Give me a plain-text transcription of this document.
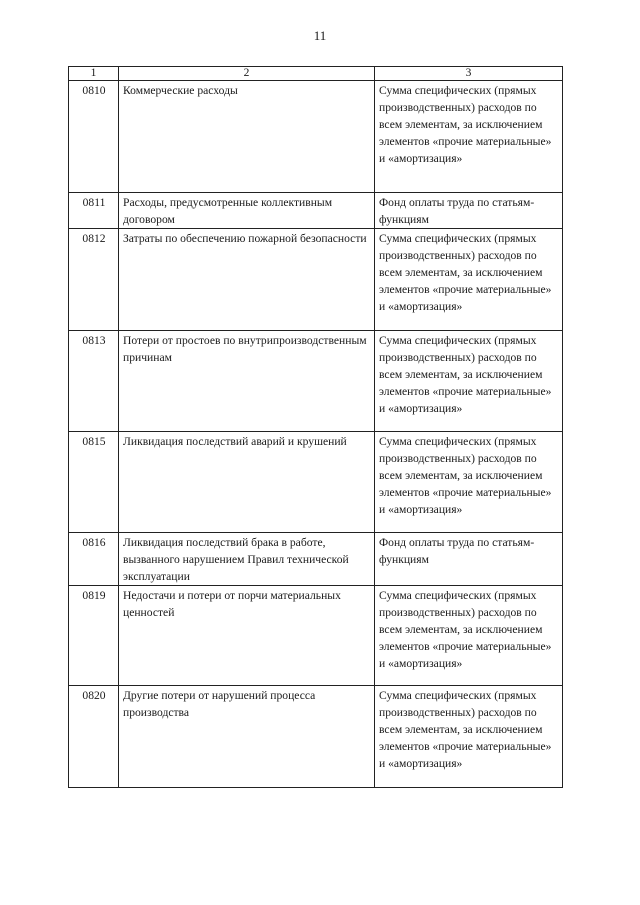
11
1	2	3
0810	Коммерческие расходы	Сумма специфических (прямых производственных) расходов по всем элементам, за исключением элементов «прочие материальные» и «амортизация»
0811	Расходы, предусмотренные коллективным договором	Фонд оплаты труда по статьям-функциям
0812	Затраты по обеспечению пожарной безопасности	Сумма специфических (прямых производственных) расходов по всем элементам, за исключением элементов «прочие материальные» и «амортизация»
0813	Потери от простоев по внутрипроизводственным причинам	Сумма специфических (прямых производственных) расходов по всем элементам, за исключением элементов «прочие материальные» и «амортизация»
0815	Ликвидация последствий аварий и крушений	Сумма специфических (прямых производственных) расходов по всем элементам, за исключением элементов «прочие материальные» и «амортизация»
0816	Ликвидация последствий брака в работе, вызванного нарушением Правил технической эксплуатации	Фонд оплаты труда по статьям-функциям
0819	Недостачи и потери от порчи материальных ценностей	Сумма специфических (прямых производственных) расходов по всем элементам, за исключением элементов «прочие материальные» и «амортизация»
0820	Другие потери от нарушений процесса производства	Сумма специфических (прямых производственных) расходов по всем элементам, за исключением элементов «прочие материальные» и «амортизация»
